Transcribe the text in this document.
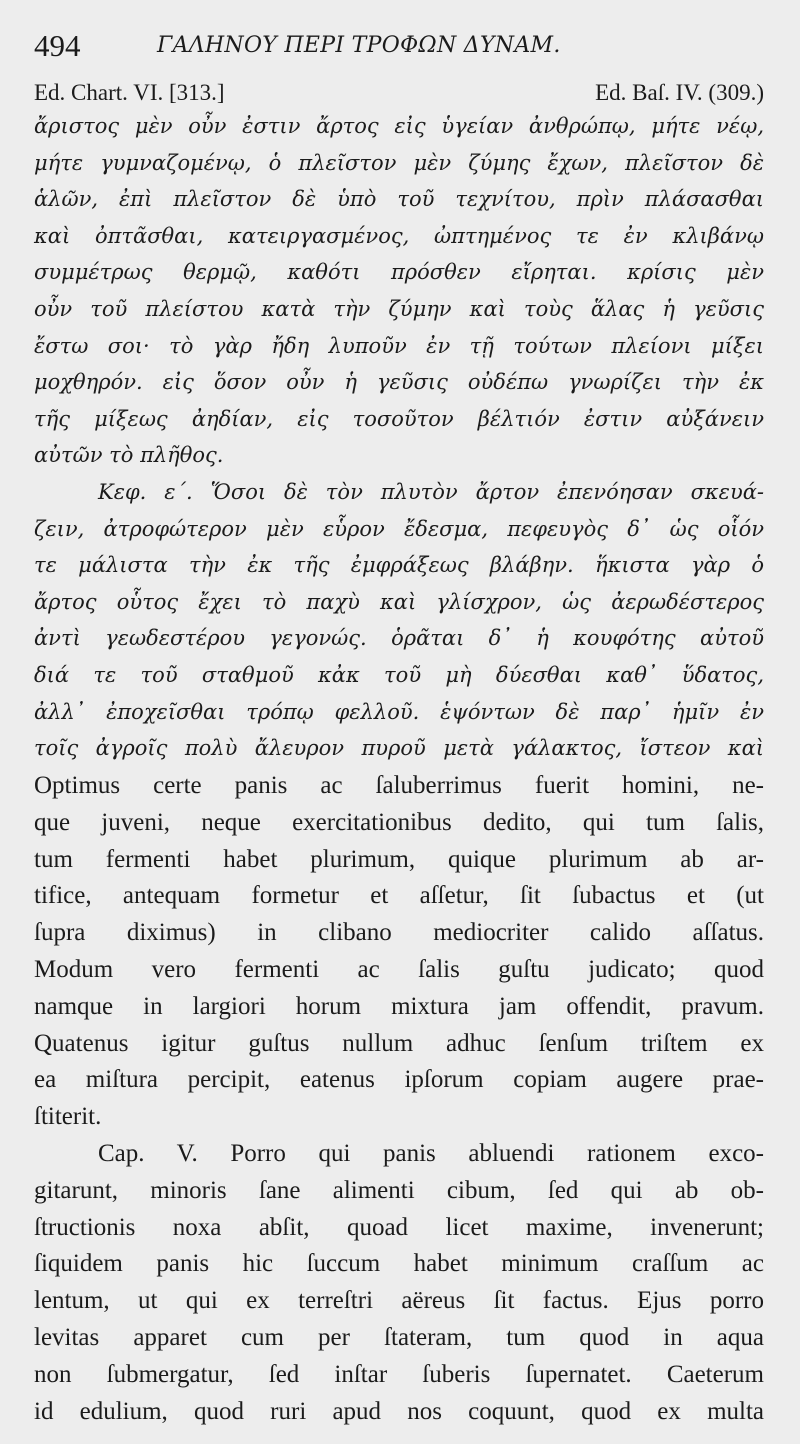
494	ΓΑΛΗΝΟΥ ΠΕΡΙ ΤΡΟΦΩΝ ΔΥΝΑΜ.
Ed. Chart. VI. [313.]	Ed. Baſ. IV. (309.)
ἄριστος μὲν οὖν ἐστιν ἄρτος εἰς ὑγείαν ἀνθρώπῳ, μήτε νέῳ,
μήτε γυμναζομένῳ, ὁ πλεῖστον μὲν ζύμης ἔχων, πλεῖστον δὲ
ἁλῶν, ἐπὶ πλεῖστον δὲ ὑπὸ τοῦ τεχνίτου, πρὶν πλάσασθαι
καὶ ὀπτᾶσθαι, κατειργασμένος, ὠπτημένος τε ἐν κλιβάνῳ
συμμέτρως θερμῷ, καθότι πρόσθεν εἴρηται. κρίσις μὲν
οὖν τοῦ πλείστου κατὰ τὴν ζύμην καὶ τοὺς ἅλας ἡ γεῦσις
ἔστω σοι· τὸ γὰρ ἤδη λυποῦν ἐν τῇ τούτων πλείονι μίξει
μοχθηρόν. εἰς ὅσον οὖν ἡ γεῦσις οὐδέπω γνωρίζει τὴν ἐκ
τῆς μίξεως ἀηδίαν, εἰς τοσοῦτον βέλτιόν ἐστιν αὐξάνειν
αὐτῶν τὸ πλῆθος.
Κεφ. ε΄. Ὅσοι δὲ τὸν πλυτὸν ἄρτον ἐπενόησαν σκευά-
ζειν, ἀτροφώτερον μὲν εὗρον ἔδεσμα, πεφευγὸς δ᾽ ὡς οἷόν
τε μάλιστα τὴν ἐκ τῆς ἐμφράξεως βλάβην. ἥκιστα γὰρ ὁ
ἄρτος οὗτος ἔχει τὸ παχὺ καὶ γλίσχρον, ὡς ἀερωδέστερος
ἀντὶ γεωδεστέρου γεγονώς. ὁρᾶται δ᾽ ἡ κουφότης αὐτοῦ
διά τε τοῦ σταθμοῦ κἀκ τοῦ μὴ δύεσθαι καθ᾽ ὕδατος,
ἀλλ᾽ ἐποχεῖσθαι τρόπῳ φελλοῦ. ἑψόντων δὲ παρ᾽ ἡμῖν ἐν
τοῖς ἀγροῖς πολὺ ἄλευρον πυροῦ μετὰ γάλακτος, ἴστεον καὶ
Optimus certe panis ac ſaluberrimus fuerit homini, ne-
que juveni, neque exercitationibus dedito, qui tum ſalis,
tum fermenti habet plurimum, quique plurimum ab ar-
tifice, antequam formetur et aſſetur, ſit ſubactus et (ut
ſupra diximus) in clibano mediocriter calido aſſatus.
Modum vero fermenti ac ſalis guſtu judicato; quod
namque in largiori horum mixtura jam offendit, pravum.
Quatenus igitur guſtus nullum adhuc ſenſum triſtem ex
ea miſtura percipit, eatenus ipſorum copiam augere prae-
ſtiterit.
Cap. V. Porro qui panis abluendi rationem exco-
gitarunt, minoris ſane alimenti cibum, ſed qui ab ob-
ſtructionis noxa abſit, quoad licet maxime, invenerunt;
ſiquidem panis hic ſuccum habet minimum craſſum ac
lentum, ut qui ex terreſtri aëreus ſit factus. Ejus porro
levitas apparet cum per ſtateram, tum quod in aqua
non ſubmergatur, ſed inſtar ſuberis ſupernatet. Caeterum
id edulium, quod ruri apud nos coquunt, quod ex multa
